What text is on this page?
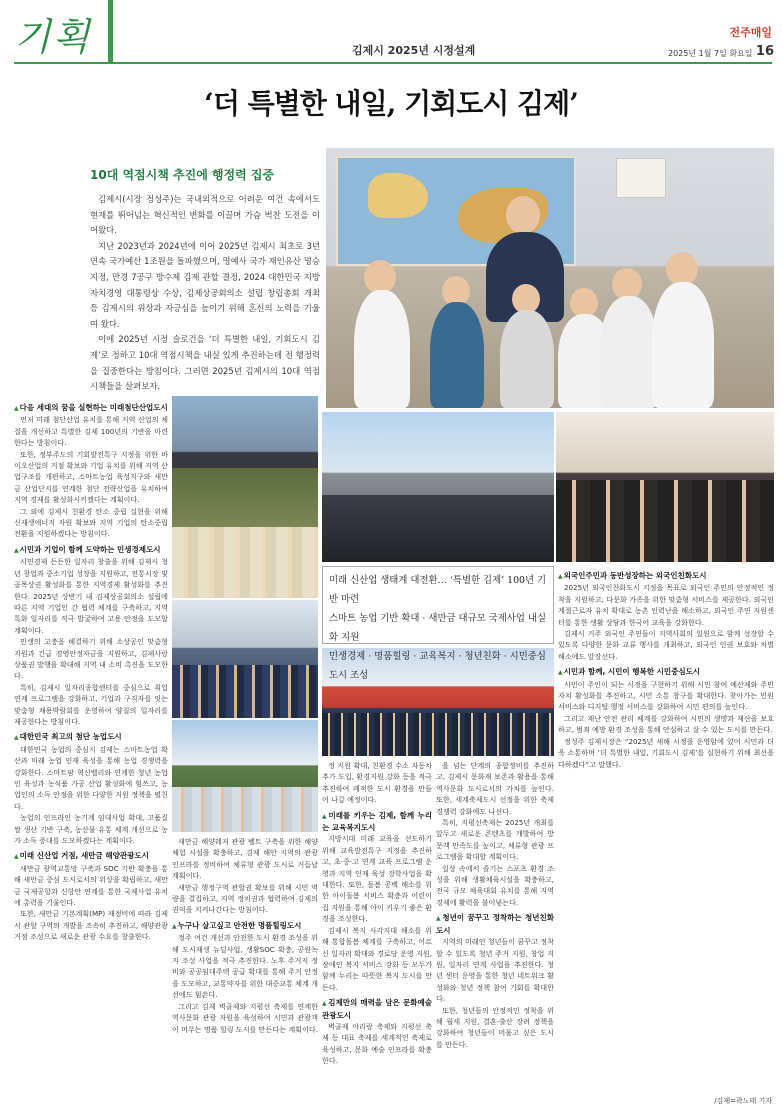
기획	김제시 2025년 시정설계
전주매일
2025년 1월 7일 화요일 16
‘더 특별한 내일, 기회도시 김제’
10대 역점시책 추진에 행정력 집중

김제시(시장 정성주)는 국내외적으로 어려운 여건 속에서도 현재를 뛰어넘는 혁신적인 변화를 이끌며 가슴 벅찬 도전을 이어왔다.

지난 2023년과 2024년에 이어 2025년 김제시 최초로 3년 연속 국가예산 1조원을 돌파했으며, 명예사 국가 재인유산 명승 지정, 만경 7공구 방수제 김제 관할 결정, 2024 대한민국 지방자치경영 대통령상 수상, 김제상공회의소 설립 창립총회 개최 등 김제시의 위상과 자긍심을 높이기 위해 혼신의 노력을 기울여 왔다.

이에 2025년 시정 슬로건을 ‘더 특별한 내일, 기회도시 김제’로 정하고 10대 역점시책을 내실 있게 추진하는데 전 행정력을 집중한다는 방침이다. 그러면 2025년 김제시의 10대 역점시책들을 살펴보자.

미래 신산업 생태계 대전환… ‘특별한 김제’ 100년 기반 마련
스마트 농업 기반 확대 · 새만금 대규모 국제사업 내실화 지원
민생경제 · 명품힐링 · 교육복지 · 청년친화 · 시민중심도시 조성
▲ 다음 세대의 꿈을 실현하는 미래첨단산업도시

먼저 미래 첨단산업 유치를 통해 지역 산업의 체질을 개선하고 특별한 김제 100년의 기반을 마련한다는 방침이다.

또한, 정부주도의 기회발전특구 지정을 위한 바이오산업의 거점 확보와 기업 유치를 위해 지역 산업구조를 개편하고, 스마트농업 육성지구와 새만금 산업단지를 연계한 첨단 전략산업을 유치하여 지역 경제를 활성화시키겠다는 계획이다.

그 외에 김제시 친환경 탄소 중립 실현을 위해 신재생에너지 자원 확보와 지역 기업의 탄소중립 전환을 지원하겠다는 방침이다.

▲ 시민과 기업이 함께 도약하는 민생경제도시

시민경제 든든한 일자리 창출을 위해 김제시 청년 창업과 중소기업 성장을 지원하고, 전통시장 및 골목상권 활성화를 통한 지역경제 활성화를 추진한다. 2025년 상반기 내 김제상공회의소 설립에 따른 지역 기업인 간 협력 체계를 구축하고, 지역 특화 일자리를 적극 발굴하여 고용 안정을 도모할 계획이다.

민생의 고충을 해결하기 위해 소상공인 맞춤형 지원과 긴급 경영안정자금을 지원하고, 김제사랑상품권 발행을 확대해 지역 내 소비 촉진을 도모한다.

특히, 김제시 일자리종합센터를 중심으로 취업 연계 프로그램을 강화하고, 기업과 구직자를 잇는 맞춤형 채용박람회를 운영하여 양질의 일자리를 제공한다는 방침이다.

▲ 대한민국 최고의 첨단 농업도시

대한민국 농업의 중심지 김제는 스마트농업 확산과 미래 농업 인재 육성을 통해 농업 경쟁력을 강화한다. 스마트팜 혁신밸리와 연계한 청년 농업인 육성과 농식품 가공 산업 활성화에 힘쓰고, 농업인의 소득 안정을 위한 다양한 지원 정책을 펼친다.

농업의 인프라인 농기계 임대사업 확대, 고품질 쌀 생산 기반 구축, 농산물 유통 체계 개선으로 농가 소득 증대를 도모하겠다는 계획이다.

▲ 미래 신산업 거점, 새만금 해양관광도시

새만금 광역교통망 구축과 SOC 기반 확충을 통해 새만금 중심 도시로서의 위상을 확립하고, 새만금 국제공항과 신항만 연계를 통한 국제사업 유치에 총력을 기울인다.

또한, 새만금 기본계획(MP) 재정비에 따라 김제시 관할 구역의 개발을 조속히 추진하고, 해양관광 거점 조성으로 새로운 관광 수요를 창출한다.

새만금 해양레저 관광 벨트 구축을 위한 해양 체험 시설을 확충하고, 김제 해안 지역의 관광 인프라를 정비하여 체류형 관광 도시로 거듭날 계획이다.

새만금 행정구역 관할권 확보를 위해 시민 역량을 결집하고, 지역 정치권과 협력하여 김제의 권익을 지켜나간다는 방침이다.

▲ 누구나 살고싶고 안전한 명품힐링도시

정주 여건 개선과 안전한 도시 환경 조성을 위해 도시재생 뉴딜사업, 생활SOC 확충, 공원녹지 조성 사업을 적극 추진한다. 노후 주거지 정비와 공공임대주택 공급 확대를 통해 주거 안정을 도모하고, 교통약자를 위한 대중교통 체계 개선에도 힘쓴다.

그리고 김제 벽골제와 지평선 축제를 연계한 역사문화 관광 자원을 육성하여 시민과 관광객이 머무는 명품 힐링 도시를 만든다는 계획이다.

정 지원 확대, 친환경 수소 자동차 추가 도입, 환경지원 강화 등을 적극 추진하여 쾌적한 도시 환경을 만들어 나갈 예정이다.

▲ 미래를 키우는 김제, 함께 누리는 교육복지도시

지방시대 미래 교육을 선도하기 위해 교육발전특구 지정을 추진하고, 초·중·고 연계 교육 프로그램 운영과 지역 인재 육성 장학사업을 확대한다. 또한, 돌봄 공백 해소를 위한 아이돌봄 서비스 확충과 어린이집 지원을 통해 아이 키우기 좋은 환경을 조성한다.

김제시 복지 사각지대 해소를 위해 통합돌봄 체계를 구축하고, 어르신 일자리 확대와 경로당 운영 지원, 장애인 복지 서비스 강화 등 모두가 함께 누리는 따뜻한 복지 도시를 만든다.

▲ 김제만의 매력을 담은 문화예술관광도시

벽골제 아리랑 축제와 지평선 축제 등 대표 축제를 세계적인 축제로 육성하고, 문화 예술 인프라를 확충한다.

을 넘는 단계의 종합정비를 추진하고, 김제시 문화재 보존과 활용을 통해 역사문화 도시로서의 가치를 높인다. 또한, 세계축제도시 선정을 위한 축제 경쟁력 강화에도 나선다.

특히, 지평선축제는 2025년 개최를 앞두고 새로운 콘텐츠를 개발하여 방문객 만족도를 높이고, 체류형 관광 프로그램을 확대할 계획이다.

일상 속에서 즐기는 스포츠 환경 조성을 위해 생활체육시설을 확충하고, 전국 규모 체육대회 유치를 통해 지역 경제에 활력을 불어넣는다.

▲ 청년이 꿈꾸고 정착하는 청년친화도시

지역의 미래인 청년들이 꿈꾸고 정착할 수 있도록 청년 주거 지원, 창업 지원, 일자리 연계 사업을 추진한다. 청년 센터 운영을 통한 청년 네트워크 활성화와 청년 정책 참여 기회를 확대한다.

또한, 청년들의 안정적인 정착을 위해 월세 지원, 결혼·출산 장려 정책을 강화하여 청년들이 머물고 싶은 도시를 만든다.

▲ 외국인주민과 동반성장하는 외국인친화도시

2025년 외국인친화도시 지정을 목표로 외국인 주민의 안정적인 정착을 지원하고, 다문화 가족을 위한 맞춤형 서비스를 제공한다. 외국인 계절근로자 유치 확대로 농촌 인력난을 해소하고, 외국인 주민 지원센터를 통한 생활 상담과 한국어 교육을 강화한다.

김제시 거주 외국인 주민들이 지역사회의 일원으로 함께 성장할 수 있도록 다양한 문화 교류 행사를 개최하고, 외국인 인권 보호와 차별 해소에도 앞장선다.

▲ 시민과 함께, 시민이 행복한 시민중심도시

시민이 주인이 되는 시정을 구현하기 위해 시민 참여 예산제와 주민자치 활성화를 추진하고, 시민 소통 창구를 확대한다. 찾아가는 민원 서비스와 디지털 행정 서비스를 강화하여 시민 편의를 높인다.

그리고 재난 안전 관리 체계를 강화하여 시민의 생명과 재산을 보호하고, 범죄 예방 환경 조성을 통해 안심하고 살 수 있는 도시를 만든다.

정성주 김제시장은 “2025년 새해 시정을 운영함에 있어 시민과 더욱 소통하며 ‘더 특별한 내일, 기회도시 김제’를 실현하기 위해 최선을 다하겠다”고 말했다.

/김제=곽노태 기자
